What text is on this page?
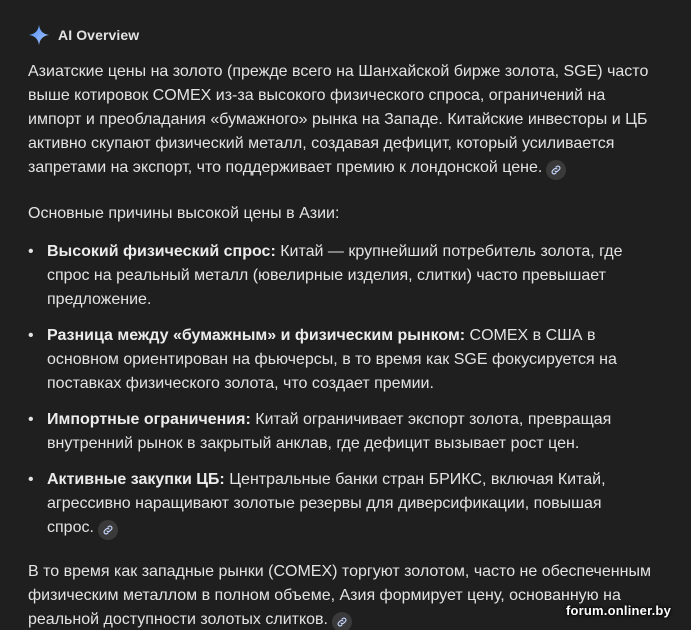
AI Overview

Азиатские цены на золото (прежде всего на Шанхайской бирже золота, SGE) часто выше котировок COMEX из-за высокого физического спроса, ограничений на импорт и преобладания «бумажного» рынка на Западе. Китайские инвесторы и ЦБ активно скупают физический металл, создавая дефицит, который усиливается запретами на экспорт, что поддерживает премию к лондонской цене.

Основные причины высокой цены в Азии:

• Высокий физический спрос: Китай — крупнейший потребитель золота, где спрос на реальный металл (ювелирные изделия, слитки) часто превышает предложение.
• Разница между «бумажным» и физическим рынком: COMEX в США в основном ориентирован на фьючерсы, в то время как SGE фокусируется на поставках физического золота, что создает премии.
• Импортные ограничения: Китай ограничивает экспорт золота, превращая внутренний рынок в закрытый анклав, где дефицит вызывает рост цен.
• Активные закупки ЦБ: Центральные банки стран БРИКС, включая Китай, агрессивно наращивают золотые резервы для диверсификации, повышая спрос.

В то время как западные рынки (COMEX) торгуют золотом, часто не обеспеченным физическим металлом в полном объеме, Азия формирует цену, основанную на реальной доступности золотых слитков.

forum.onliner.by
